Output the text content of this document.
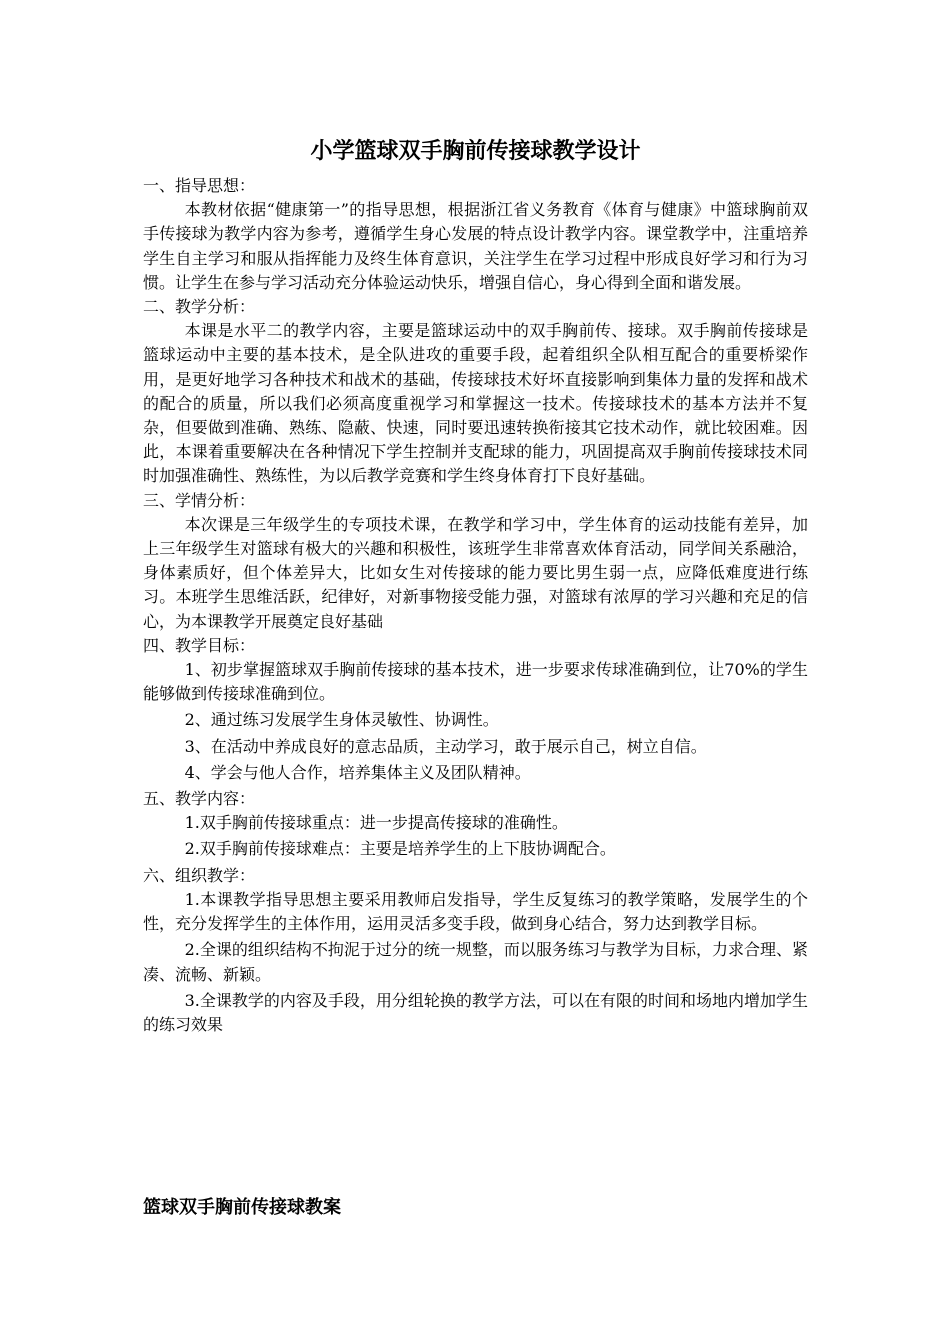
小学篮球双手胸前传接球教学设计

一、指导思想：

本教材依据“健康第一”的指导思想，根据浙江省义务教育《体育与健康》中篮球胸前双手传接球为教学内容为参考，遵循学生身心发展的特点设计教学内容。课堂教学中，注重培养学生自主学习和服从指挥能力及终生体育意识，关注学生在学习过程中形成良好学习和行为习惯。让学生在参与学习活动充分体验运动快乐，增强自信心，身心得到全面和谐发展。

二、教学分析：

本课是水平二的教学内容，主要是篮球运动中的双手胸前传、接球。双手胸前传接球是篮球运动中主要的基本技术，是全队进攻的重要手段，起着组织全队相互配合的重要桥梁作用，是更好地学习各种技术和战术的基础，传接球技术好坏直接影响到集体力量的发挥和战术的配合的质量，所以我们必须高度重视学习和掌握这一技术。传接球技术的基本方法并不复杂，但要做到准确、熟练、隐蔽、快速，同时要迅速转换衔接其它技术动作，就比较困难。因此，本课着重要解决在各种情况下学生控制并支配球的能力，巩固提高双手胸前传接球技术同时加强准确性、熟练性，为以后教学竞赛和学生终身体育打下良好基础。

三、学情分析：

本次课是三年级学生的专项技术课，在教学和学习中，学生体育的运动技能有差异，加上三年级学生对篮球有极大的兴趣和积极性，该班学生非常喜欢体育活动，同学间关系融洽，身体素质好，但个体差异大，比如女生对传接球的能力要比男生弱一点，应降低难度进行练习。本班学生思维活跃，纪律好，对新事物接受能力强，对篮球有浓厚的学习兴趣和充足的信心，为本课教学开展奠定良好基础

四、教学目标：

1、初步掌握篮球双手胸前传接球的基本技术，进一步要求传球准确到位，让70%的学生能够做到传接球准确到位。

2、通过练习发展学生身体灵敏性、协调性。

3、在活动中养成良好的意志品质，主动学习，敢于展示自己，树立自信。

4、学会与他人合作，培养集体主义及团队精神。

五、教学内容：

1.双手胸前传接球重点：进一步提高传接球的准确性。

2.双手胸前传接球难点：主要是培养学生的上下肢协调配合。

六、组织教学：

1.本课教学指导思想主要采用教师启发指导，学生反复练习的教学策略，发展学生的个性，充分发挥学生的主体作用，运用灵活多变手段，做到身心结合，努力达到教学目标。

2.全课的组织结构不拘泥于过分的统一规整，而以服务练习与教学为目标，力求合理、紧凑、流畅、新颖。

3.全课教学的内容及手段，用分组轮换的教学方法，可以在有限的时间和场地内增加学生的练习效果

篮球双手胸前传接球教案
